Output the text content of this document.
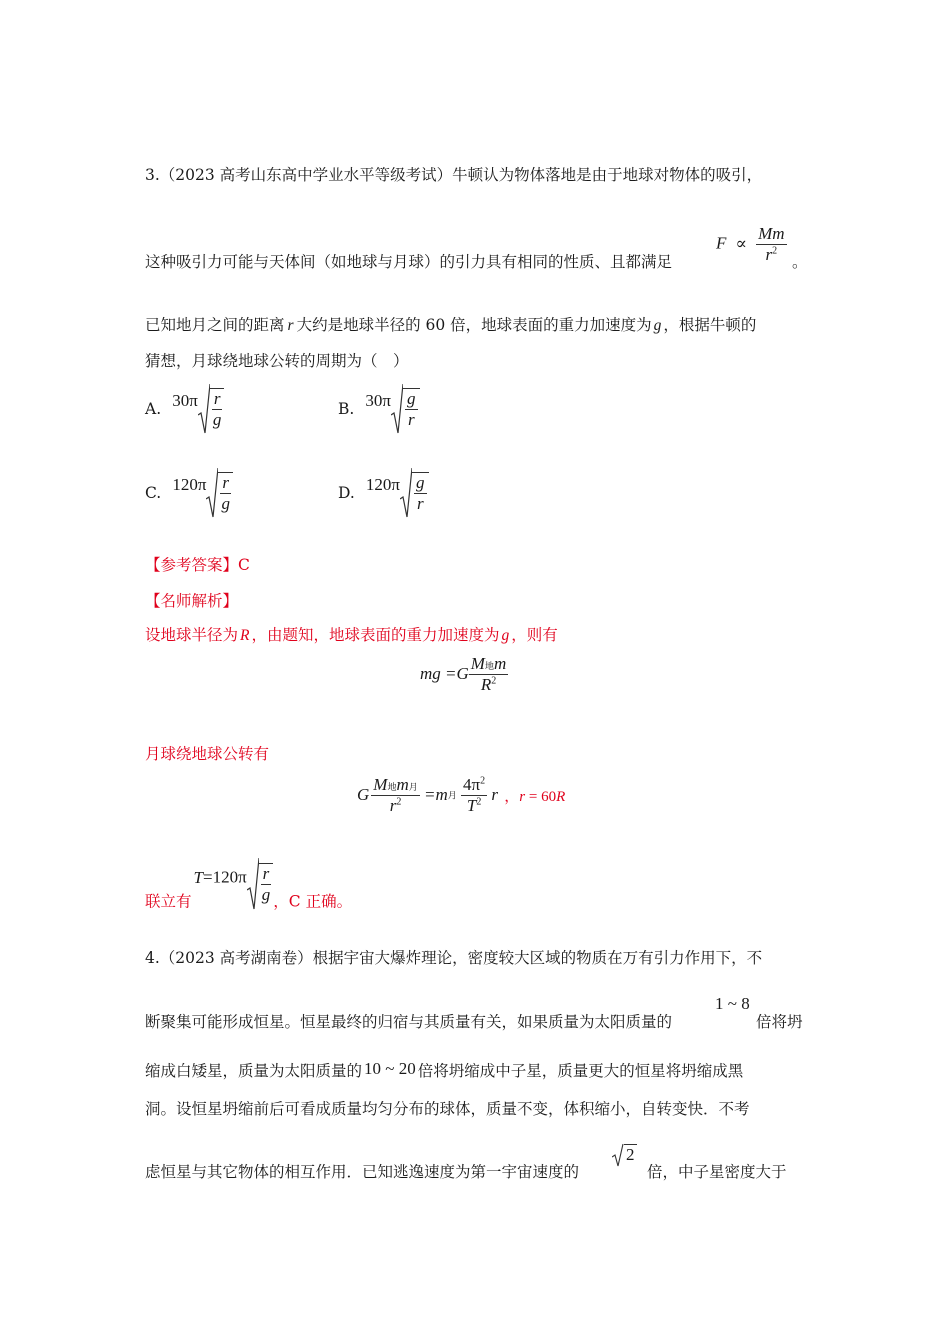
3.（2023 高考山东高中学业水平等级考试）牛顿认为物体落地是由于地球对物体的吸引，
$F \propto \frac{Mm}{r^2}$
这种吸引力可能与天体间（如地球与月球）的引力具有相同的性质、且都满足	。
已知地月之间的距离 r 大约是地球半径的 60 倍，地球表面的重力加速度为 g ，根据牛顿的
猜想，月球绕地球公转的周期为（　）
A. $30\pi \frac{r}{g}$	B. $30\pi \frac{g}{r}$
C. $120\pi \frac{r}{g}$	D. $120\pi \frac{g}{r}$
【参考答案】C
【名师解析】
设地球半径为 R ，由题知，地球表面的重力加速度为 g ，则有
mg $=G \frac{\text{M地m}}{R^2}$
月球绕地球公转有
G $\frac{\text{M地m月}}{r^2} =m$月 $\frac{4\pi^2}{T^2}$ r ，r = 60R
联立有$T=120\pi \frac{r}{g}$ ，C 正确。
4.（2023 高考湖南卷）根据宇宙大爆炸理论，密度较大区域的物质在万有引力作用下，不
断聚集可能形成恒星。恒星最终的归宿与其质量有关，如果质量为太阳质量的
1 ~ 8
倍将坍
缩成白矮星，质量为太阳质量的 10 ~ 20 倍将坍缩成中子星，质量更大的恒星将坍缩成黑
洞。设恒星坍缩前后可看成质量均匀分布的球体，质量不变，体积缩小，自转变快．不考
虑恒星与其它物体的相互作用．已知逃逸速度为第一宇宙速度的
2
倍，中子星密度大于
